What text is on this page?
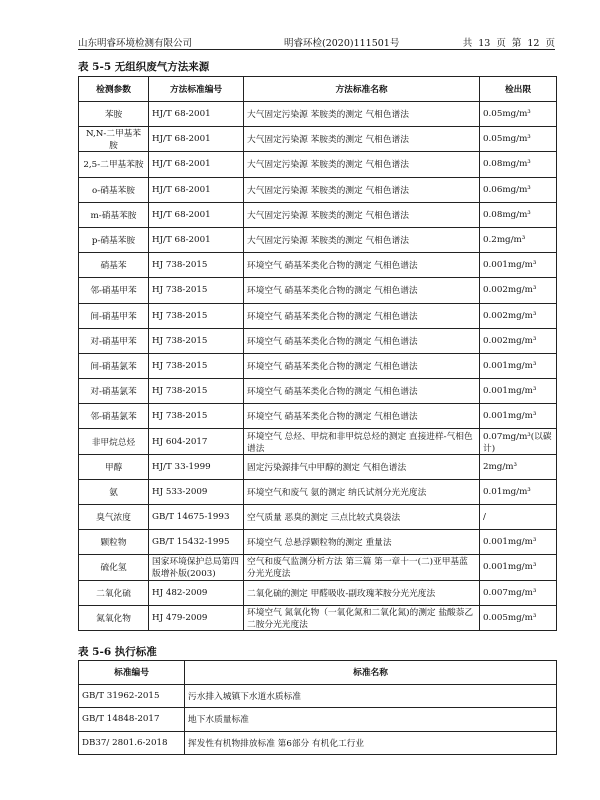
山东明睿环境检测有限公司	明睿环检(2020)111501号	共 13 页 第 12 页
表 5-5 无组织废气方法来源
检测参数	方法标准编号	方法标准名称	检出限
苯胺	HJ/T 68-2001	大气固定污染源 苯胺类的测定 气相色谱法	0.05mg/m³
N,N-二甲基苯胺	HJ/T 68-2001	大气固定污染源 苯胺类的测定 气相色谱法	0.05mg/m³
2,5-二甲基苯胺	HJ/T 68-2001	大气固定污染源 苯胺类的测定 气相色谱法	0.08mg/m³
o-硝基苯胺	HJ/T 68-2001	大气固定污染源 苯胺类的测定 气相色谱法	0.06mg/m³
m-硝基苯胺	HJ/T 68-2001	大气固定污染源 苯胺类的测定 气相色谱法	0.08mg/m³
p-硝基苯胺	HJ/T 68-2001	大气固定污染源 苯胺类的测定 气相色谱法	0.2mg/m³
硝基苯	HJ 738-2015	环境空气 硝基苯类化合物的测定 气相色谱法	0.001mg/m³
邻-硝基甲苯	HJ 738-2015	环境空气 硝基苯类化合物的测定 气相色谱法	0.002mg/m³
间-硝基甲苯	HJ 738-2015	环境空气 硝基苯类化合物的测定 气相色谱法	0.002mg/m³
对-硝基甲苯	HJ 738-2015	环境空气 硝基苯类化合物的测定 气相色谱法	0.002mg/m³
间-硝基氯苯	HJ 738-2015	环境空气 硝基苯类化合物的测定 气相色谱法	0.001mg/m³
对-硝基氯苯	HJ 738-2015	环境空气 硝基苯类化合物的测定 气相色谱法	0.001mg/m³
邻-硝基氯苯	HJ 738-2015	环境空气 硝基苯类化合物的测定 气相色谱法	0.001mg/m³
非甲烷总烃	HJ 604-2017	环境空气 总烃、甲烷和非甲烷总烃的测定 直接进样-气相色谱法	0.07mg/m³(以碳计)
甲醇	HJ/T 33-1999	固定污染源排气中甲醇的测定 气相色谱法	2mg/m³
氨	HJ 533-2009	环境空气和废气 氨的测定 纳氏试剂分光光度法	0.01mg/m³
臭气浓度	GB/T 14675-1993	空气质量 恶臭的测定 三点比较式臭袋法	/
颗粒物	GB/T 15432-1995	环境空气 总悬浮颗粒物的测定 重量法	0.001mg/m³
硫化氢	国家环境保护总局第四版增补版(2003)	空气和废气监测分析方法 第三篇 第一章十一(二)亚甲基蓝分光光度法	0.001mg/m³
二氧化硫	HJ 482-2009	二氧化硫的测定 甲醛吸收-副玫瑰苯胺分光光度法	0.007mg/m³
氮氧化物	HJ 479-2009	环境空气 氮氧化物（一氧化氮和二氧化氮)的测定 盐酸萘乙二胺分光光度法	0.005mg/m³
表 5-6 执行标准
标准编号	标准名称
GB/T 31962-2015	污水排入城镇下水道水质标准
GB/T 14848-2017	地下水质量标准
DB37/ 2801.6-2018	挥发性有机物排放标准 第6部分 有机化工行业
